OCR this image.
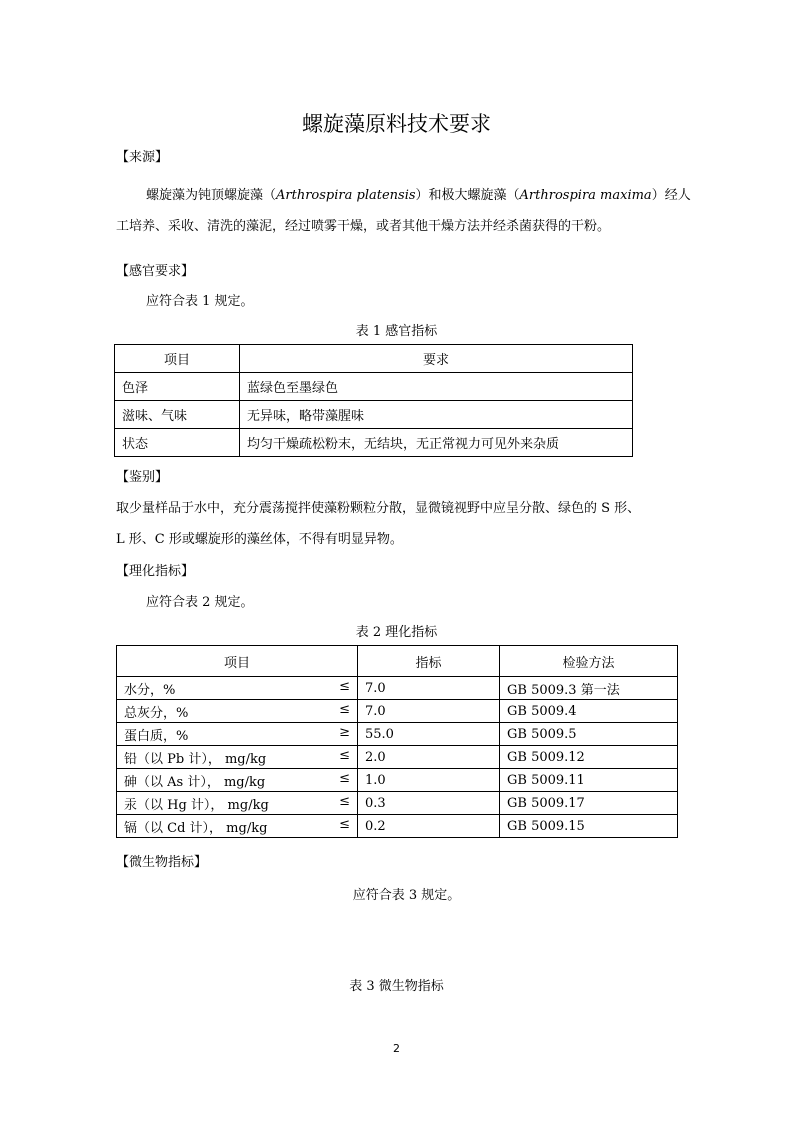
螺旋藻原料技术要求
【来源】
螺旋藻为钝顶螺旋藻（Arthrospira platensis）和极大螺旋藻（Arthrospira maxima）经人
工培养、采收、清洗的藻泥，经过喷雾干燥，或者其他干燥方法并经杀菌获得的干粉。
【感官要求】
应符合表 1 规定。
表 1 感官指标
项目	要求
色泽	蓝绿色至墨绿色
滋味、气味	无异味，略带藻腥味
状态	均匀干燥疏松粉末，无结块，无正常视力可见外来杂质
【鉴别】
取少量样品于水中，充分震荡搅拌使藻粉颗粒分散，显微镜视野中应呈分散、绿色的 S 形、
L 形、C 形或螺旋形的藻丝体，不得有明显异物。
【理化指标】
应符合表 2 规定。
表 2 理化指标
项目	指标	检验方法

水分，% ≤	7.0	GB 5009.3 第一法

总灰分，% ≤	7.0	GB 5009.4

蛋白质，% ≥	55.0	GB 5009.5

铅（以 Pb 计）， mg/kg ≤	2.0	GB 5009.12

砷（以 As 计）， mg/kg ≤	1.0	GB 5009.11

汞（以 Hg 计）， mg/kg ≤	0.3	GB 5009.17

镉（以 Cd 计）， mg/kg ≤	0.2	GB 5009.15
【微生物指标】
应符合表 3 规定。
表 3 微生物指标
2
